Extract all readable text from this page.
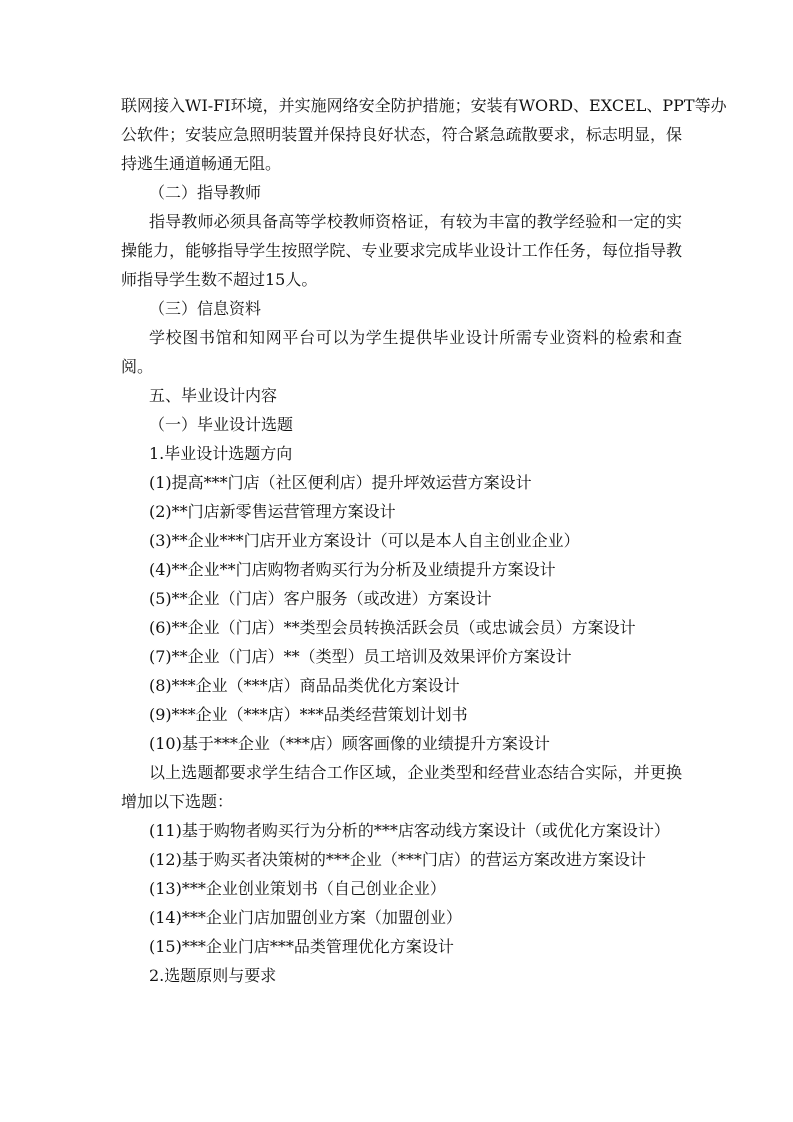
联网接入WI-FI环境，并实施网络安全防护措施；安装有WORD、EXCEL、PPT等办
公软件；安装应急照明装置并保持良好状态，符合紧急疏散要求，标志明显，保
持逃生通道畅通无阻。
（二）指导教师
指导教师必须具备高等学校教师资格证，有较为丰富的教学经验和一定的实
操能力，能够指导学生按照学院、专业要求完成毕业设计工作任务，每位指导教
师指导学生数不超过15人。
（三）信息资料
学校图书馆和知网平台可以为学生提供毕业设计所需专业资料的检索和查
阅。
五、毕业设计内容
（一）毕业设计选题
1.毕业设计选题方向
(1)提高***门店（社区便利店）提升坪效运营方案设计
(2)**门店新零售运营管理方案设计
(3)**企业***门店开业方案设计（可以是本人自主创业企业）
(4)**企业**门店购物者购买行为分析及业绩提升方案设计
(5)**企业（门店）客户服务（或改进）方案设计
(6)**企业（门店）**类型会员转换活跃会员（或忠诚会员）方案设计
(7)**企业（门店）**（类型）员工培训及效果评价方案设计
(8)***企业（***店）商品品类优化方案设计
(9)***企业（***店）***品类经营策划计划书
(10)基于***企业（***店）顾客画像的业绩提升方案设计
以上选题都要求学生结合工作区域，企业类型和经营业态结合实际，并更换
增加以下选题：
(11)基于购物者购买行为分析的***店客动线方案设计（或优化方案设计）
(12)基于购买者决策树的***企业（***门店）的营运方案改进方案设计
(13)***企业创业策划书（自己创业企业）
(14)***企业门店加盟创业方案（加盟创业）
(15)***企业门店***品类管理优化方案设计
2.选题原则与要求
